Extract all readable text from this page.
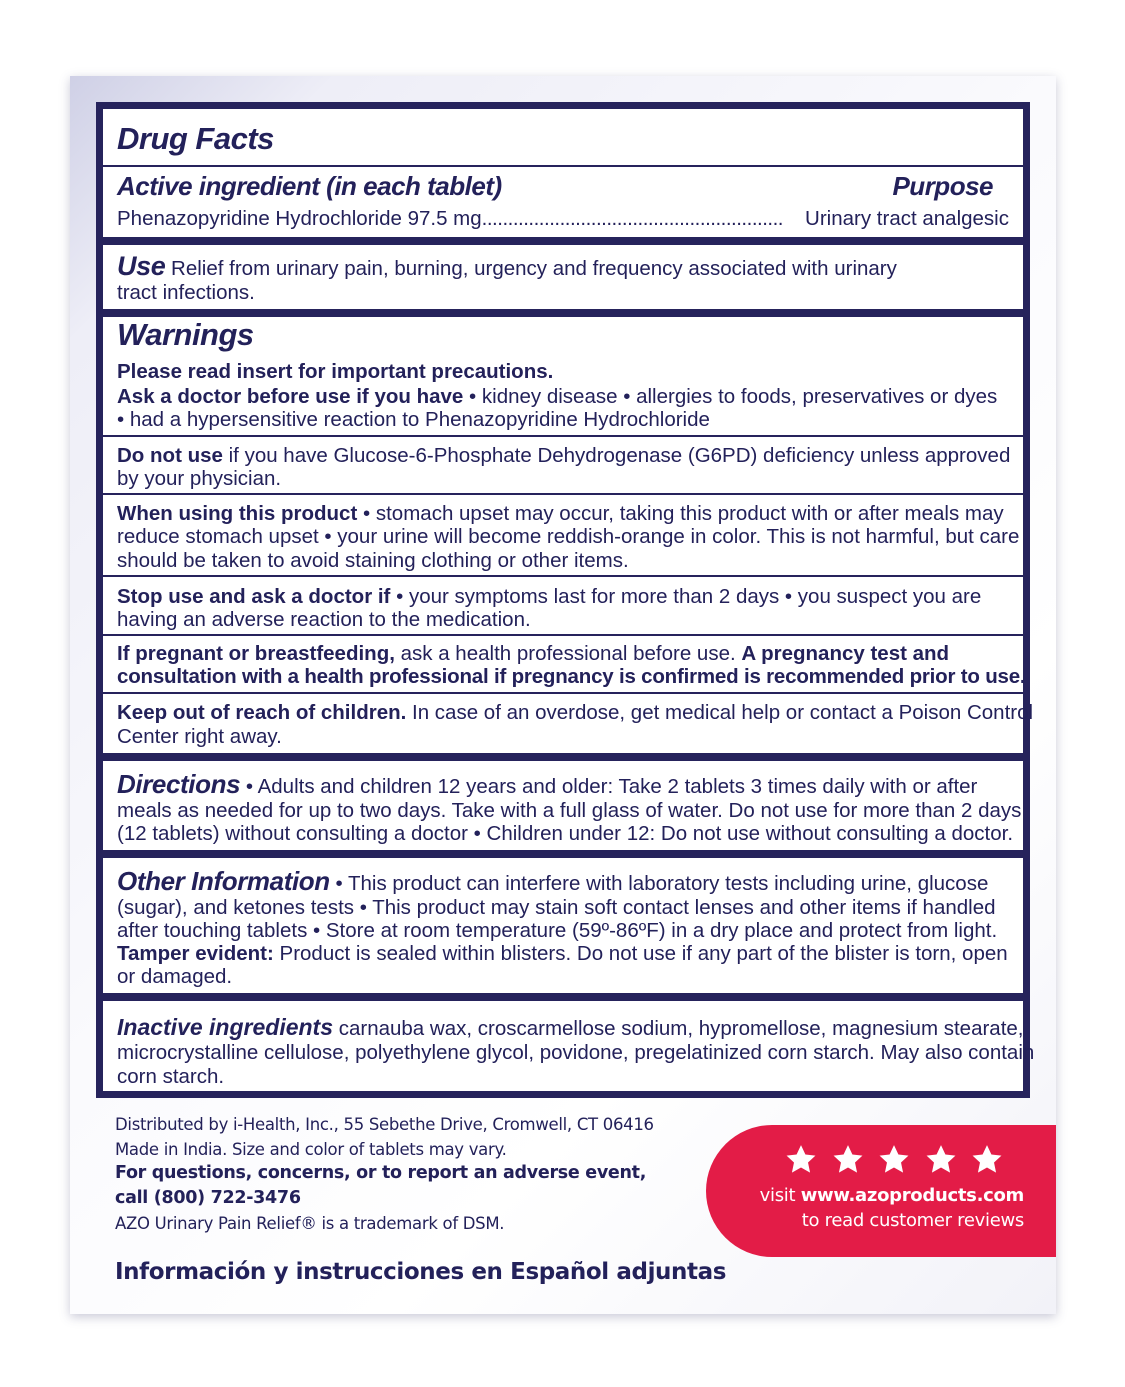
Drug Facts
Active ingredient (in each tablet)	Purpose
Phenazopyridine Hydrochloride 97.5 mg ..........................................................	Urinary tract analgesic
Use Relief from urinary pain, burning, urgency and frequency associated with urinary
tract infections.
Warnings
Please read insert for important precautions.
Ask a doctor before use if you have • kidney disease • allergies to foods, preservatives or dyes
• had a hypersensitive reaction to Phenazopyridine Hydrochloride
Do not use if you have Glucose-6-Phosphate Dehydrogenase (G6PD) deficiency unless approved
by your physician.
When using this product • stomach upset may occur, taking this product with or after meals may
reduce stomach upset • your urine will become reddish-orange in color. This is not harmful, but care
should be taken to avoid staining clothing or other items.
Stop use and ask a doctor if • your symptoms last for more than 2 days • you suspect you are
having an adverse reaction to the medication.
If pregnant or breastfeeding, ask a health professional before use. A pregnancy test and
consultation with a health professional if pregnancy is confirmed is recommended prior to use.
Keep out of reach of children. In case of an overdose, get medical help or contact a Poison Control
Center right away.
Directions • Adults and children 12 years and older: Take 2 tablets 3 times daily with or after
meals as needed for up to two days. Take with a full glass of water. Do not use for more than 2 days
(12 tablets) without consulting a doctor • Children under 12: Do not use without consulting a doctor.
Other Information • This product can interfere with laboratory tests including urine, glucose
(sugar), and ketones tests • This product may stain soft contact lenses and other items if handled
after touching tablets • Store at room temperature (59º-86ºF) in a dry place and protect from light.
Tamper evident: Product is sealed within blisters. Do not use if any part of the blister is torn, open
or damaged.
Inactive ingredients carnauba wax, croscarmellose sodium, hypromellose, magnesium stearate,
microcrystalline cellulose, polyethylene glycol, povidone, pregelatinized corn starch. May also contain
corn starch.
Distributed by i-Health, Inc., 55 Sebethe Drive, Cromwell, CT 06416
Made in India. Size and color of tablets may vary.
For questions, concerns, or to report an adverse event,
call (800) 722-3476
AZO Urinary Pain Relief® is a trademark of DSM.
Información y instrucciones en Español adjuntas
visit www.azoproducts.com
to read customer reviews
